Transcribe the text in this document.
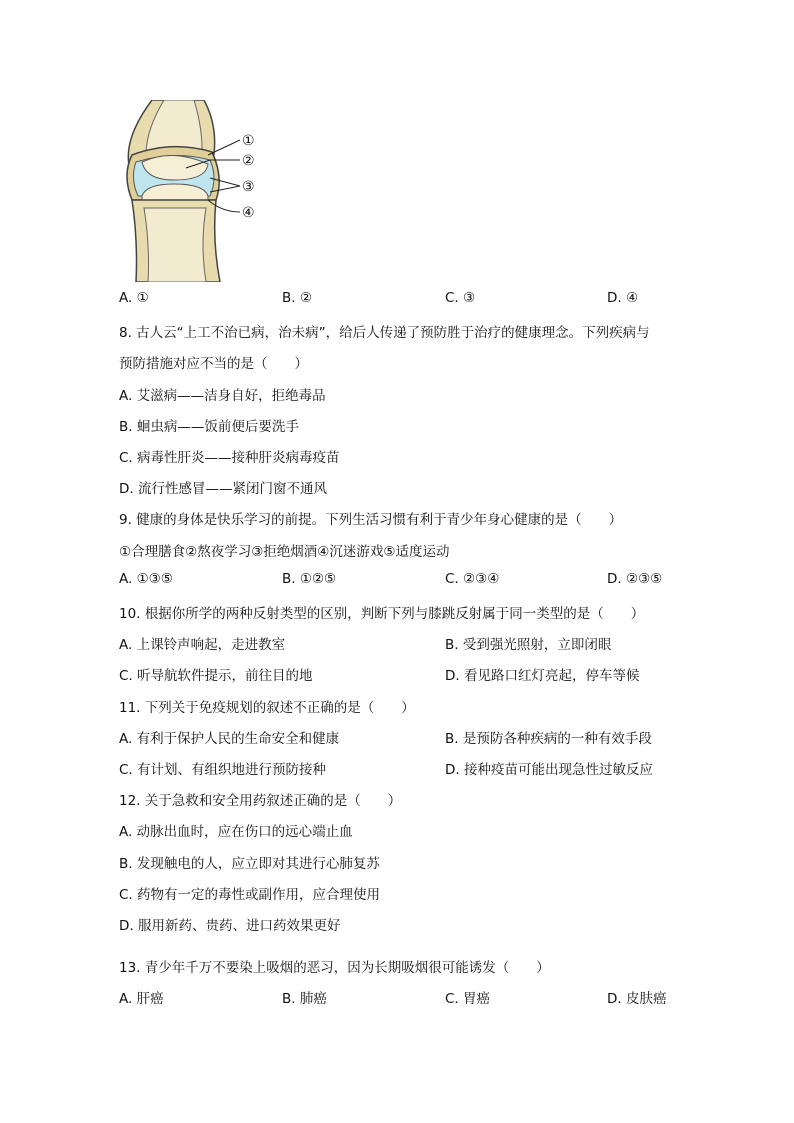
①
②
③
④
A. ①	B. ②	C. ③	D. ④
8. 古人云“上工不治已病，治未病”，给后人传递了预防胜于治疗的健康理念。下列疾病与
预防措施对应不当的是（　　）
A. 艾滋病——洁身自好，拒绝毒品
B. 蛔虫病——饭前便后要洗手
C. 病毒性肝炎——接种肝炎病毒疫苗
D. 流行性感冒——紧闭门窗不通风
9. 健康的身体是快乐学习的前提。下列生活习惯有利于青少年身心健康的是（　　）
①合理膳食②熬夜学习③拒绝烟酒④沉迷游戏⑤适度运动
A. ①③⑤	B. ①②⑤	C. ②③④	D. ②③⑤
10. 根据你所学的两种反射类型的区别，判断下列与膝跳反射属于同一类型的是（　　）
A. 上课铃声响起，走进教室	B. 受到强光照射，立即闭眼
C. 听导航软件提示，前往目的地	D. 看见路口红灯亮起，停车等候
11. 下列关于免疫规划的叙述不正确的是（　　）
A. 有利于保护人民的生命安全和健康	B. 是预防各种疾病的一种有效手段
C. 有计划、有组织地进行预防接种	D. 接种疫苗可能出现急性过敏反应
12. 关于急救和安全用药叙述正确的是（　　）
A. 动脉出血时，应在伤口的远心端止血
B. 发现触电的人，应立即对其进行心肺复苏
C. 药物有一定的毒性或副作用，应合理使用
D. 服用新药、贵药、进口药效果更好
13. 青少年千万不要染上吸烟的恶习，因为长期吸烟很可能诱发（　　）
A. 肝癌	B. 肺癌	C. 胃癌	D. 皮肤癌
